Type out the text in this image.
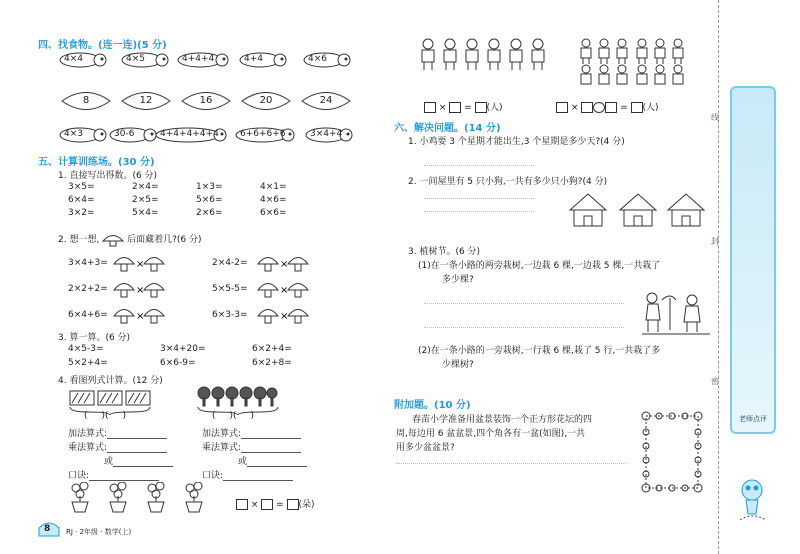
四、找食物。(连一连)(5 分)
4×4	4×5	4+4+4	4+4	4×6
8	12	16	20	24
4×3	30-6	4+4+4+4+4 6+6+6+6	3×4+4
五、计算训练场。(30 分)
1. 直接写出得数。(6 分)
3×5=	2×4=	1×3=	4×1=
6×4=	2×5=	5×6=	4×6=
3×2=	5×4=	2×6=	6×6=
2. 想一想,	后面藏着几?(6 分)
3×4+3=	×	2×4-2=	×
2×2+2=	×	5×5-5=	×
6×4+6=	×	6×3-3=	×
3. 算一算。(6 分)
4×5-3=	3×4+20=	6×2+4=
5×2+4=	6×6-9=	6×2+8=
4. 看图列式计算。(12 分)
( )( )
加法算式:
乘法算式:
或
口诀:
( )( )
加法算式:
乘法算式:
或
口诀:
×  = (朵)
8 RJ · 2年级 · 数学(上)
×  = (人)	×	= (人)
六、解决问题。(14 分)
1. 小鸡要 3 个星期才能出生,3 个星期是多少天?(4 分)
2. 一间屋里有 5 只小狗,一共有多少只小狗?(4 分)
3. 植树节。(6 分)
(1)在一条小路的两旁栽树,一边栽 6 棵,一边栽 5 棵,一共栽了
多少棵?
(2)在一条小路的一旁栽树,一行栽 6 棵,栽了 5 行,一共栽了多
少棵树?
附加题。(10 分)
春苗小学准备用盆景装饰一个正方形花坛的四
周,每边用 6 盆盆景,四个角各有一盆(如图),一共
用多少盆盆景?
线
封
密
老师点评
